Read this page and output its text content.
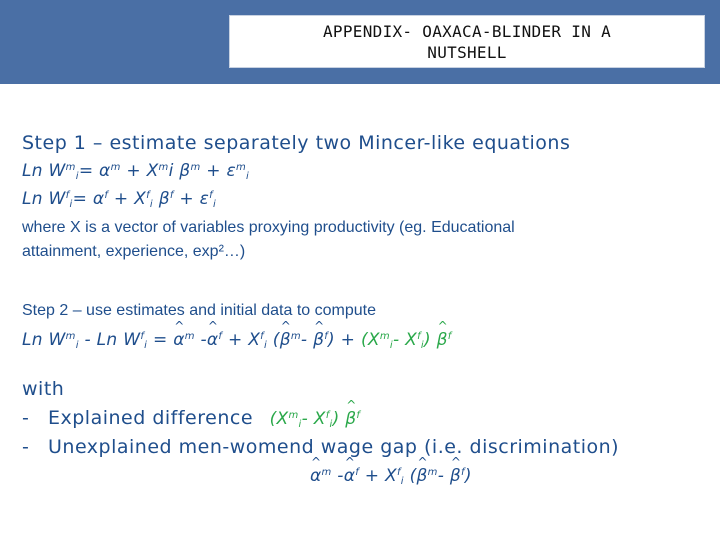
APPENDIX- OAXACA-BLINDER IN A
NUTSHELL
Step 1 – estimate separately two Mincer-like equations
Ln $W^m_i= \alpha^m + X^mi$ $\beta^m + \varepsilon^m_i$
Ln $W^f_i= \alpha^f + X^f_i$ $\beta^f + \varepsilon^f_i$
where X is a vector of variables proxying productivity (eg. Educational
attainment, experience, exp²…)
Step 2 – use estimates and initial data to compute
Ln $W^m_i$ - Ln $W^f_i$ = ^ $\alpha^m$ -^ $\alpha^f + X^f_i$ (^ $\beta^m-$ ^ $\beta^f) + (X^m_i-$ $X^f_i$) ^ $\beta^f$
with
- Explained difference ($X^m_i-$ $X^f_i$) ^ $\beta^f$
- Unexplained men-womend wage gap (i.e. discrimination)
^ $\alpha^m$ -^ $\alpha^f + X^f_i$ (^ $\beta^m-$ ^ $\beta^f$)
